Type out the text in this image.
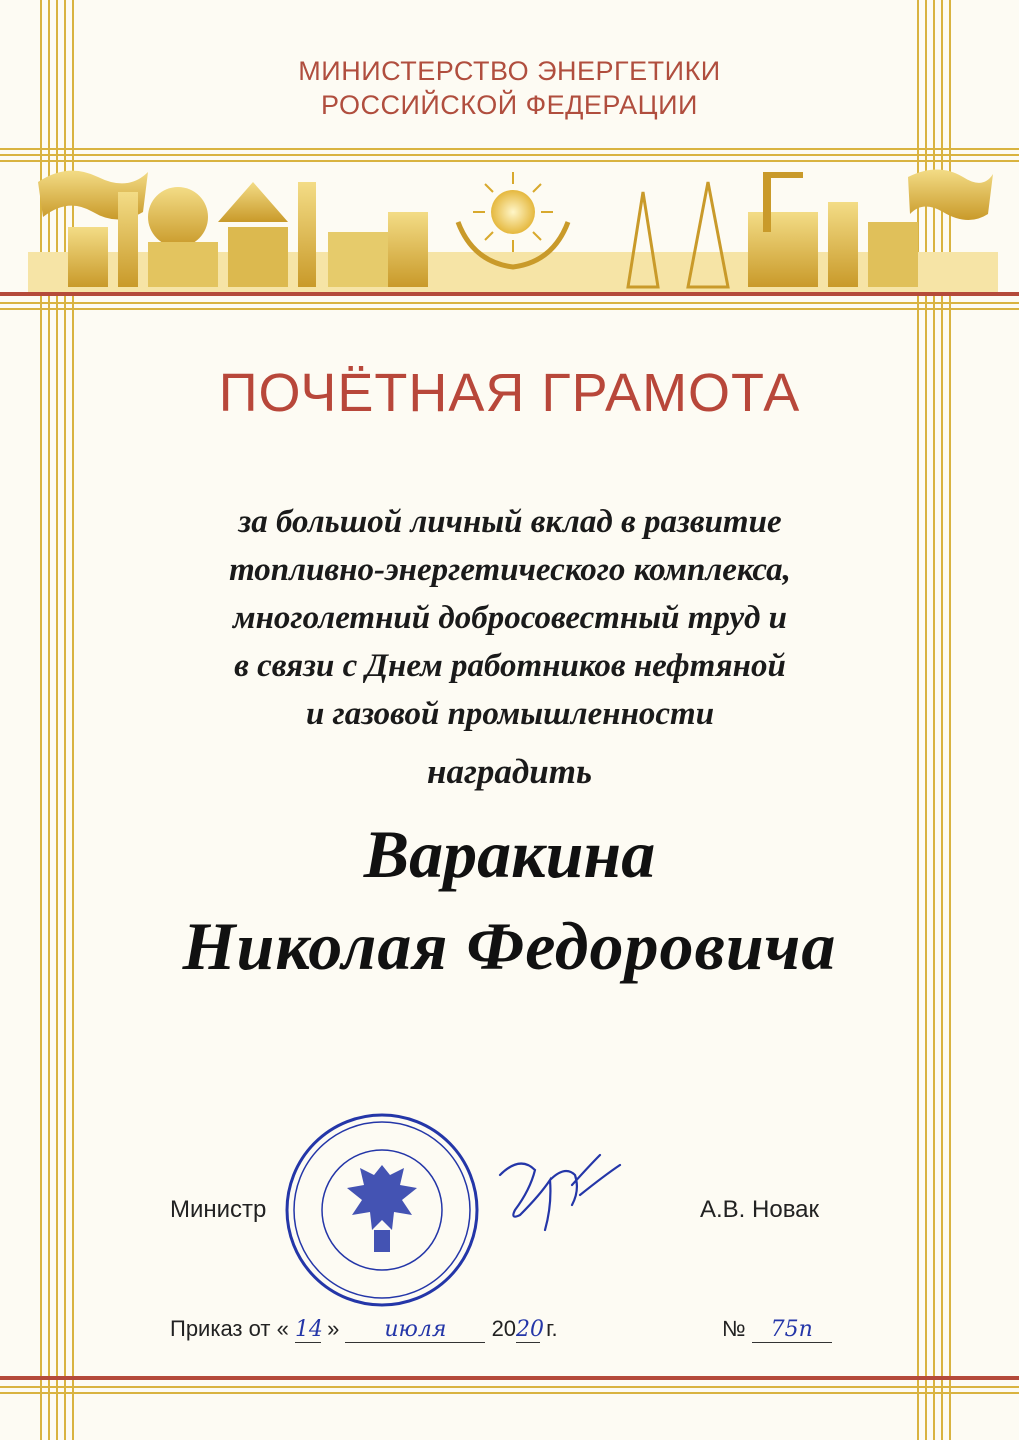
МИНИСТЕРСТВО ЭНЕРГЕТИКИ
РОССИЙСКОЙ ФЕДЕРАЦИИ
ПОЧЁТНАЯ ГРАМОТА
за большой личный вклад в развитие
топливно-энергетического комплекса,
многолетний добросовестный труд и
в связи с Днем работников нефтяной
и газовой промышленности
наградить
Варакина
Николая Федоровича
Министр	А.В. Новак
Приказ от « 14 » июля 2020 г.	№ 75п
